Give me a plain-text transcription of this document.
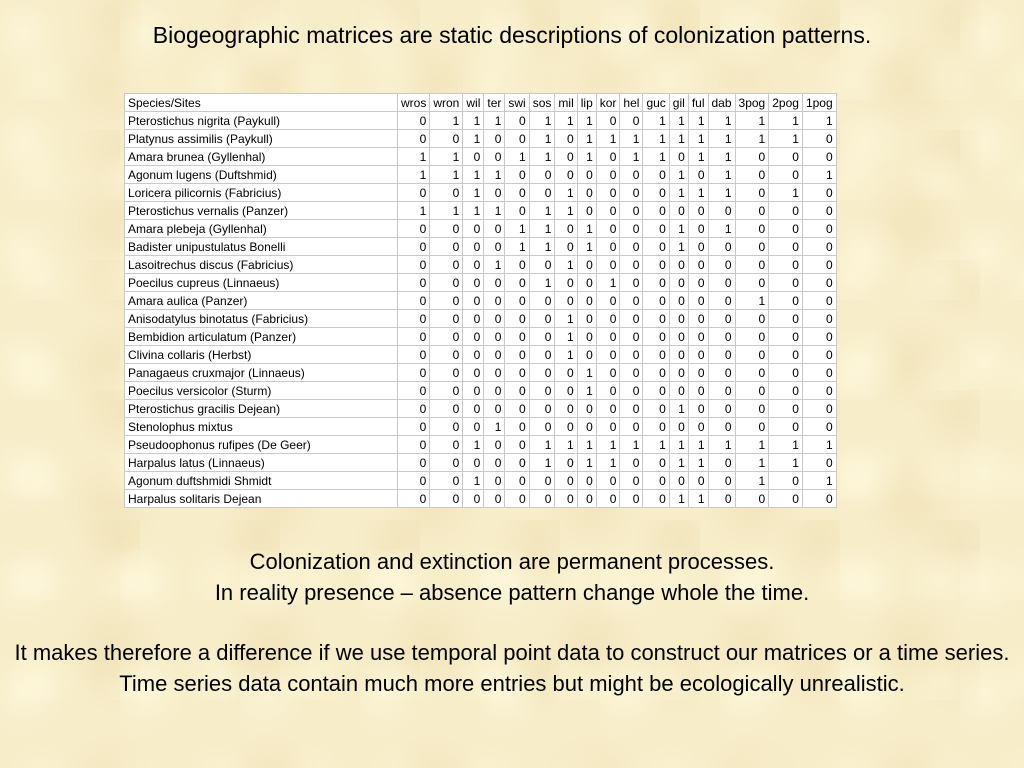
Biogeographic matrices are static descriptions of colonization patterns.
Species/Sites	wros	wron	wil	ter	swi	sos	mil	lip	kor	hel	guc	gil	ful	dab	3pog	2pog	1pog
Pterostichus nigrita (Paykull)	0	1	1	1	0	1	1	1	0	0	1	1	1	1	1	1	1
Platynus assimilis (Paykull)	0	0	1	0	0	1	0	1	1	1	1	1	1	1	1	1	0
Amara brunea (Gyllenhal)	1	1	0	0	1	1	0	1	0	1	1	0	1	1	0	0	0
Agonum lugens (Duftshmid)	1	1	1	1	0	0	0	0	0	0	0	1	0	1	0	0	1
Loricera pilicornis (Fabricius)	0	0	1	0	0	0	1	0	0	0	0	1	1	1	0	1	0
Pterostichus vernalis (Panzer)	1	1	1	1	0	1	1	0	0	0	0	0	0	0	0	0	0
Amara plebeja (Gyllenhal)	0	0	0	0	1	1	0	1	0	0	0	1	0	1	0	0	0
Badister unipustulatus Bonelli	0	0	0	0	1	1	0	1	0	0	0	1	0	0	0	0	0
Lasoitrechus discus (Fabricius)	0	0	0	1	0	0	1	0	0	0	0	0	0	0	0	0	0
Poecilus cupreus (Linnaeus)	0	0	0	0	0	1	0	0	1	0	0	0	0	0	0	0	0
Amara aulica (Panzer)	0	0	0	0	0	0	0	0	0	0	0	0	0	0	1	0	0
Anisodatylus binotatus (Fabricius)	0	0	0	0	0	0	1	0	0	0	0	0	0	0	0	0	0
Bembidion articulatum (Panzer)	0	0	0	0	0	0	1	0	0	0	0	0	0	0	0	0	0
Clivina collaris (Herbst)	0	0	0	0	0	0	1	0	0	0	0	0	0	0	0	0	0
Panagaeus cruxmajor (Linnaeus)	0	0	0	0	0	0	0	1	0	0	0	0	0	0	0	0	0
Poecilus versicolor (Sturm)	0	0	0	0	0	0	0	1	0	0	0	0	0	0	0	0	0
Pterostichus gracilis Dejean)	0	0	0	0	0	0	0	0	0	0	0	1	0	0	0	0	0
Stenolophus mixtus	0	0	0	1	0	0	0	0	0	0	0	0	0	0	0	0	0
Pseudoophonus rufipes (De Geer)	0	0	1	0	0	1	1	1	1	1	1	1	1	1	1	1	1
Harpalus latus (Linnaeus)	0	0	0	0	0	1	0	1	1	0	0	1	1	0	1	1	0
Agonum duftshmidi Shmidt	0	0	1	0	0	0	0	0	0	0	0	0	0	0	1	0	1
Harpalus solitaris Dejean	0	0	0	0	0	0	0	0	0	0	0	1	1	0	0	0	0
Colonization and extinction are permanent processes.
In reality presence – absence pattern change whole the time.
It makes therefore a difference if we use temporal point data to construct our matrices or a time series.
Time series data contain much more entries but might be ecologically unrealistic.
